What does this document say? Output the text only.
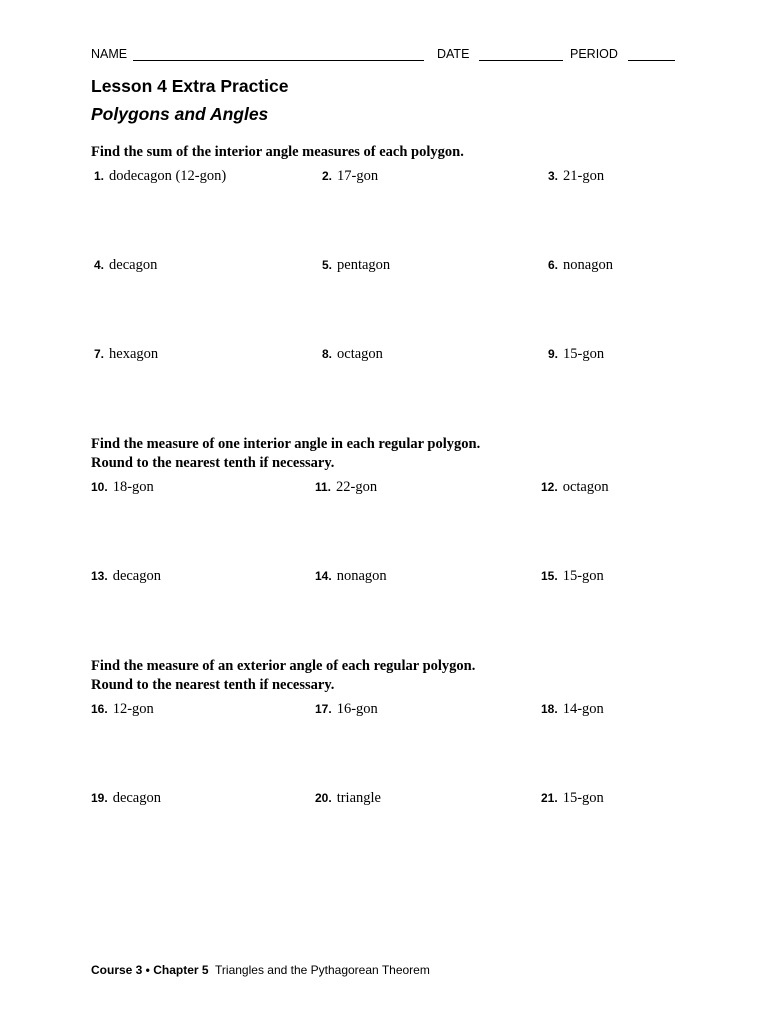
NAME	DATE	PERIOD
Lesson 4 Extra Practice
Polygons and Angles
Find the sum of the interior angle measures of each polygon.
1. dodecagon (12-gon)	2. 17-gon	3. 21-gon
4. decagon	5. pentagon	6. nonagon
7. hexagon	8. octagon	9. 15-gon
Find the measure of one interior angle in each regular polygon.
Round to the nearest tenth if necessary.
10. 18-gon	11. 22-gon	12. octagon
13. decagon	14. nonagon	15. 15-gon
Find the measure of an exterior angle of each regular polygon.
Round to the nearest tenth if necessary.
16. 12-gon	17. 16-gon	18. 14-gon
19. decagon	20. triangle	21. 15-gon
Course 3 • Chapter 5 Triangles and the Pythagorean Theorem
